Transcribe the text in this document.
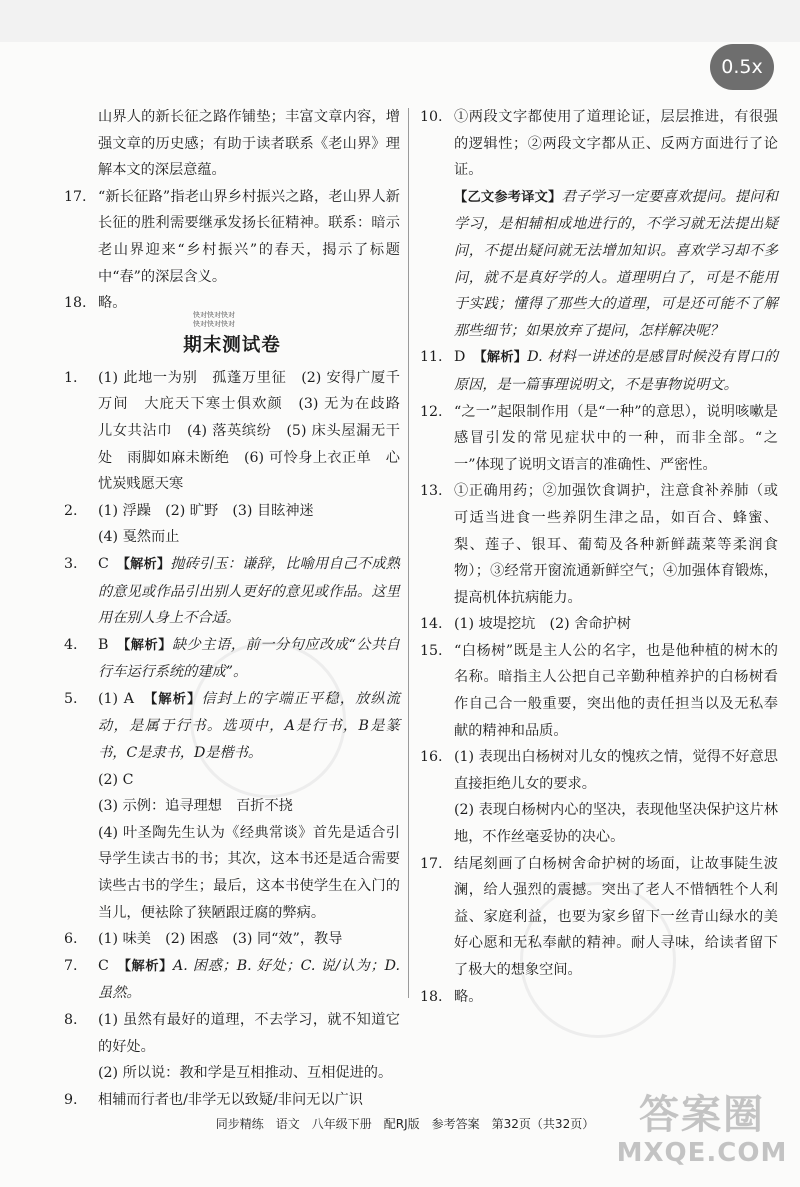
0.5x
山界人的新长征之路作铺垫；丰富文章内容，增强文章的历史感；有助于读者联系《老山界》理解本文的深层意蕴。
17. “新长征路”指老山界乡村振兴之路，老山界人新长征的胜利需要继承发扬长征精神。联系：暗示老山界迎来“乡村振兴”的春天，揭示了标题中“春”的深层含义。
18. 略。
快对快对快对
快对快对快对
期末测试卷
1.	(1) 此地一为别　孤蓬万里征　(2) 安得广厦千万间　大庇天下寒士俱欢颜　(3) 无为在歧路　儿女共沾巾　(4) 落英缤纷　(5) 床头屋漏无干处　雨脚如麻未断绝　(6) 可怜身上衣正单　心忧炭贱愿天寒
2.	(1) 浮躁　(2) 旷野　(3) 目眩神迷
(4) 戛然而止
3.	C　【解析】抛砖引玉：谦辞，比喻用自己不成熟的意见或作品引出别人更好的意见或作品。这里用在别人身上不合适。
4.	B　【解析】缺少主语，前一分句应改成“公共自行车运行系统的建成”。
5.	(1) A　【解析】信封上的字端正平稳，放纵流动，是属于行书。选项中，A是行书，B是篆书，C是隶书，D是楷书。
(2) C
(3) 示例：追寻理想　百折不挠
(4) 叶圣陶先生认为《经典常谈》首先是适合引导学生读古书的书；其次，这本书还是适合需要读些古书的学生；最后，这本书使学生在入门的当儿，便袪除了狭陋跟迂腐的弊病。
6.	(1) 味美　(2) 困惑　(3) 同“效”，教导
7.	C　【解析】A. 困惑；B. 好处；C. 说/认为；D. 虽然。
8.	(1) 虽然有最好的道理，不去学习，就不知道它的好处。
(2) 所以说：教和学是互相推动、互相促进的。
9.	相辅而行者也/非学无以致疑/非问无以广识
10. ①两段文字都使用了道理论证，层层推进，有很强的逻辑性；②两段文字都从正、反两方面进行了论证。
【乙文参考译文】君子学习一定要喜欢提问。提问和学习，是相辅相成地进行的，不学习就无法提出疑问，不提出疑问就无法增加知识。喜欢学习却不多问，就不是真好学的人。道理明白了，可是不能用于实践；懂得了那些大的道理，可是还可能不了解那些细节；如果放弃了提问，怎样解决呢？
11. D　【解析】D. 材料一讲述的是感冒时候没有胃口的原因，是一篇事理说明文，不是事物说明文。
12. “之一”起限制作用（是“一种”的意思），说明咳嗽是感冒引发的常见症状中的一种，而非全部。“之一”体现了说明文语言的准确性、严密性。
13. ①正确用药；②加强饮食调护，注意食补养肺（或可适当进食一些养阴生津之品，如百合、蜂蜜、梨、莲子、银耳、葡萄及各种新鲜蔬菜等柔润食物）；③经常开窗流通新鲜空气；④加强体育锻炼，提高机体抗病能力。
14. (1) 坡堤挖坑　(2) 舍命护树
15. “白杨树”既是主人公的名字，也是他种植的树木的名称。暗指主人公把自己辛勤种植养护的白杨树看作自己合一般重要，突出他的责任担当以及无私奉献的精神和品质。
16. (1) 表现出白杨树对儿女的愧疚之情，觉得不好意思直接拒绝儿女的要求。
(2) 表现白杨树内心的坚决，表现他坚决保护这片林地，不作丝毫妥协的决心。
17. 结尾刻画了白杨树舍命护树的场面，让故事陡生波澜，给人强烈的震撼。突出了老人不惜牺牲个人利益、家庭利益，也要为家乡留下一丝青山绿水的美好心愿和无私奉献的精神。耐人寻味，给读者留下了极大的想象空间。
18. 略。
同步精练　语文　八年级下册　配RJ版　参考答案　第32页（共32页）	答案圈
MXQE.COM
